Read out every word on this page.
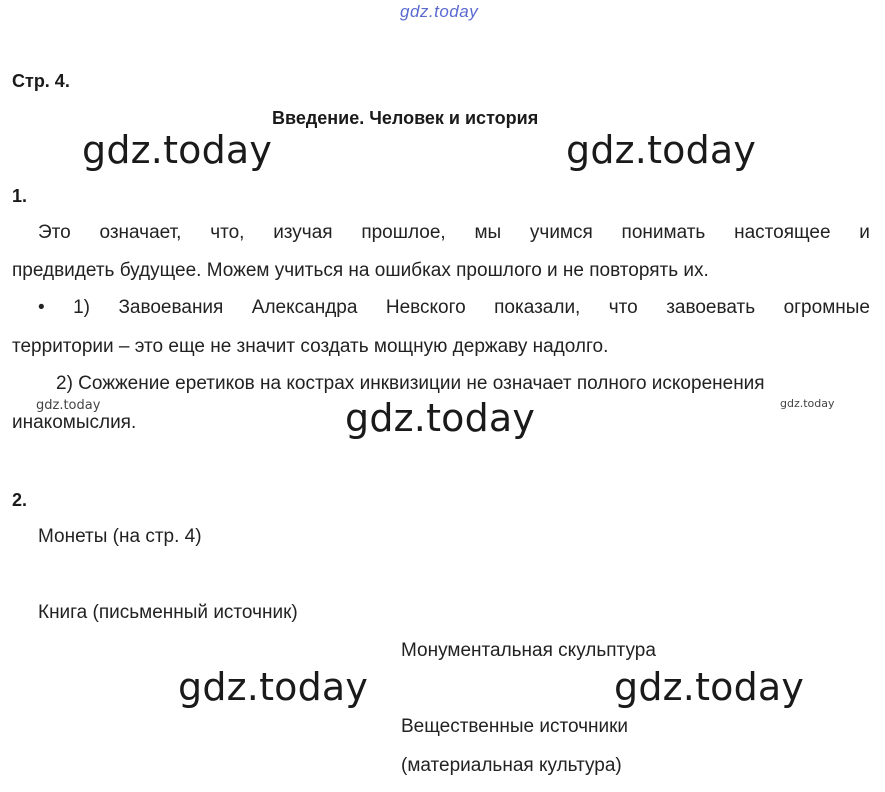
gdz.today
Стр. 4.
Введение. Человек и история
gdz.today	gdz.today
1.
Это означает, что, изучая прошлое, мы учимся понимать настоящее и
предвидеть будущее. Можем учиться на ошибках прошлого и не повторять их.
• 1) Завоевания Александра Невского показали, что завоевать огромные
территории – это еще не значит создать мощную державу надолго.
2) Сожжение еретиков на кострах инквизиции не означает полного искоренения
инакомыслия.
gdz.today	gdz.today
gdz.today
2.
Монеты (на стр. 4)
Книга (письменный источник)
Монументальная скульптура
gdz.today	gdz.today
Вещественные источники
(материальная культура)
